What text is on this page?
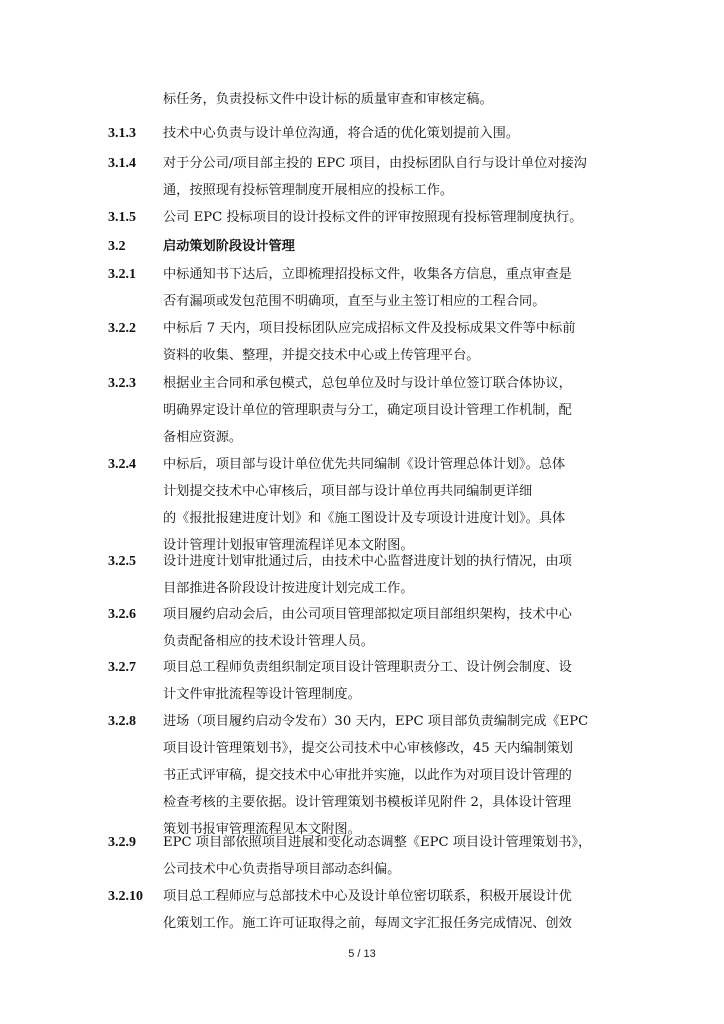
标任务，负责投标文件中设计标的质量审查和审核定稿。
3.1.3 技术中心负责与设计单位沟通，将合适的优化策划提前入围。
3.1.4 对于分公司/项目部主投的 EPC 项目，由投标团队自行与设计单位对接沟
通，按照现有投标管理制度开展相应的投标工作。
3.1.5 公司 EPC 投标项目的设计投标文件的评审按照现有投标管理制度执行。
3.2	启动策划阶段设计管理
3.2.1 中标通知书下达后，立即梳理招投标文件，收集各方信息，重点审查是
否有漏项或发包范围不明确项，直至与业主签订相应的工程合同。
3.2.2 中标后 7 天内，项目投标团队应完成招标文件及投标成果文件等中标前
资料的收集、整理，并提交技术中心或上传管理平台。
3.2.3 根据业主合同和承包模式，总包单位及时与设计单位签订联合体协议，
明确界定设计单位的管理职责与分工，确定项目设计管理工作机制，配
备相应资源。
3.2.4 中标后，项目部与设计单位优先共同编制《设计管理总体计划》。总体
计划提交技术中心审核后，项目部与设计单位再共同编制更详细
的《报批报建进度计划》和《施工图设计及专项设计进度计划》。具体
设计管理计划报审管理流程详见本文附图。
3.2.5 设计进度计划审批通过后，由技术中心监督进度计划的执行情况，由项
目部推进各阶段设计按进度计划完成工作。
3.2.6 项目履约启动会后，由公司项目管理部拟定项目部组织架构，技术中心
负责配备相应的技术设计管理人员。
3.2.7 项目总工程师负责组织制定项目设计管理职责分工、设计例会制度、设
计文件审批流程等设计管理制度。
3.2.8 进场（项目履约启动令发布）30 天内，EPC 项目部负责编制完成《EPC
项目设计管理策划书》，提交公司技术中心审核修改，45 天内编制策划
书正式评审稿，提交技术中心审批并实施，以此作为对项目设计管理的
检查考核的主要依据。设计管理策划书模板详见附件 2，具体设计管理
策划书报审管理流程见本文附图。
3.2.9 EPC 项目部依照项目进展和变化动态调整《EPC 项目设计管理策划书》，
公司技术中心负责指导项目部动态纠偏。
3.2.10 项目总工程师应与总部技术中心及设计单位密切联系，积极开展设计优
化策划工作。施工许可证取得之前，每周文字汇报任务完成情况、创效
5 / 13
